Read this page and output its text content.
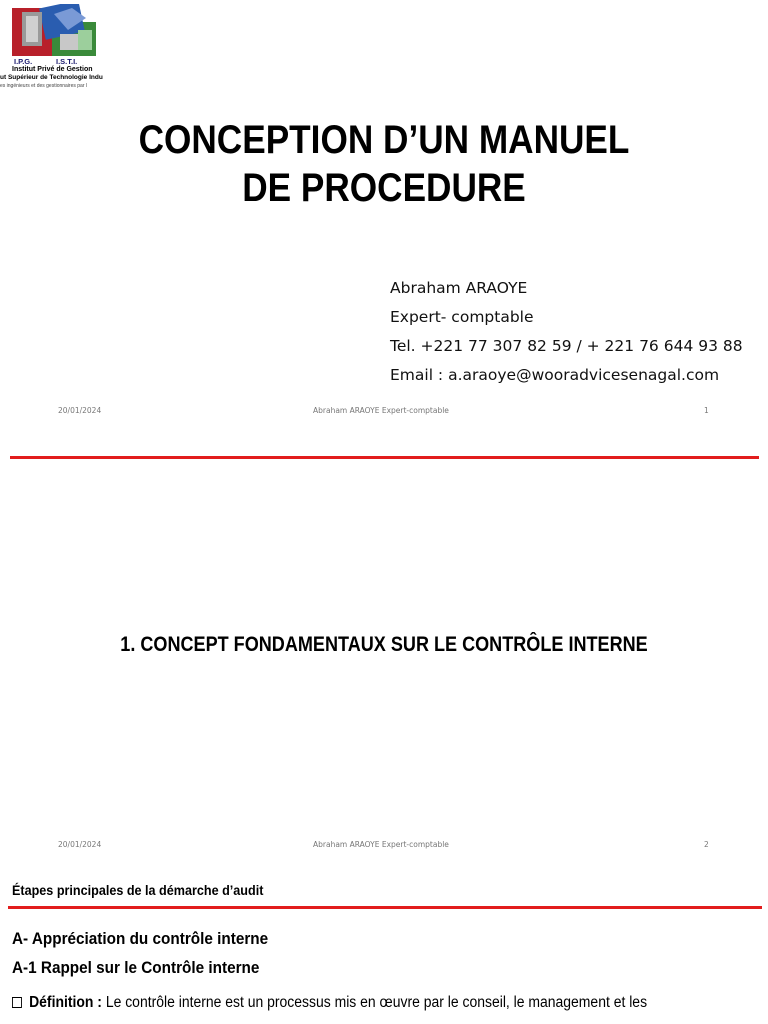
I.P.G.	I.S.T.I.
Institut Privé de Gestion
ut Supérieur de Technologie Indu
es ingénieurs et des gestionnaires par l
CONCEPTION D’UN MANUEL
DE PROCEDURE
Abraham ARAOYE
Expert- comptable
Tel. +221 77 307 82 59 / + 221 76 644 93 88
Email : a.araoye@wooradvicesenagal.com
20/01/2024	Abraham ARAOYE Expert-comptable	1
1. CONCEPT FONDAMENTAUX SUR LE CONTRÔLE INTERNE
20/01/2024	Abraham ARAOYE Expert-comptable	2
Étapes principales de la démarche d’audit
A- Appréciation du contrôle interne
A-1 Rappel sur le Contrôle interne
Définition : Le contrôle interne est un processus mis en œuvre par le conseil, le management et les
